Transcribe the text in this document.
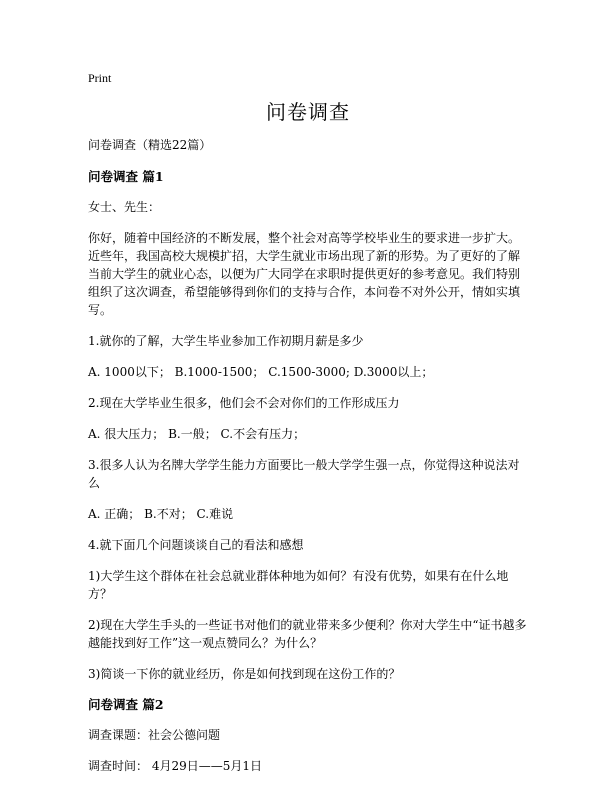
Print
问卷调查
问卷调查（精选22篇）
问卷调查 篇1

女士、先生：

你好，随着中国经济的不断发展，整个社会对高等学校毕业生的要求进一步扩大。近些年，我国高校大规模扩招，大学生就业市场出现了新的形势。为了更好的了解当前大学生的就业心态，以便为广大同学在求职时提供更好的参考意见。我们特别组织了这次调查，希望能够得到你们的支持与合作，本问卷不对外公开，情如实填写。

1.就你的了解，大学生毕业参加工作初期月薪是多少

A. 1000以下； B.1000-1500； C.1500-3000; D.3000以上；

2.现在大学毕业生很多，他们会不会对你们的工作形成压力

A. 很大压力； B.一般； C.不会有压力；

3.很多人认为名牌大学学生能力方面要比一般大学学生强一点，你觉得这种说法对么

A. 正确； B.不对； C.难说

4.就下面几个问题谈谈自己的看法和感想

1)大学生这个群体在社会总就业群体种地为如何？有没有优势，如果有在什么地方？

2)现在大学生手头的一些证书对他们的就业带来多少便利？你对大学生中“证书越多越能找到好工作”这一观点赞同么？为什么？

3)简谈一下你的就业经历，你是如何找到现在这份工作的？

问卷调查 篇2

调查课题：社会公德问题

调查时间： 4月29日——5月1日
